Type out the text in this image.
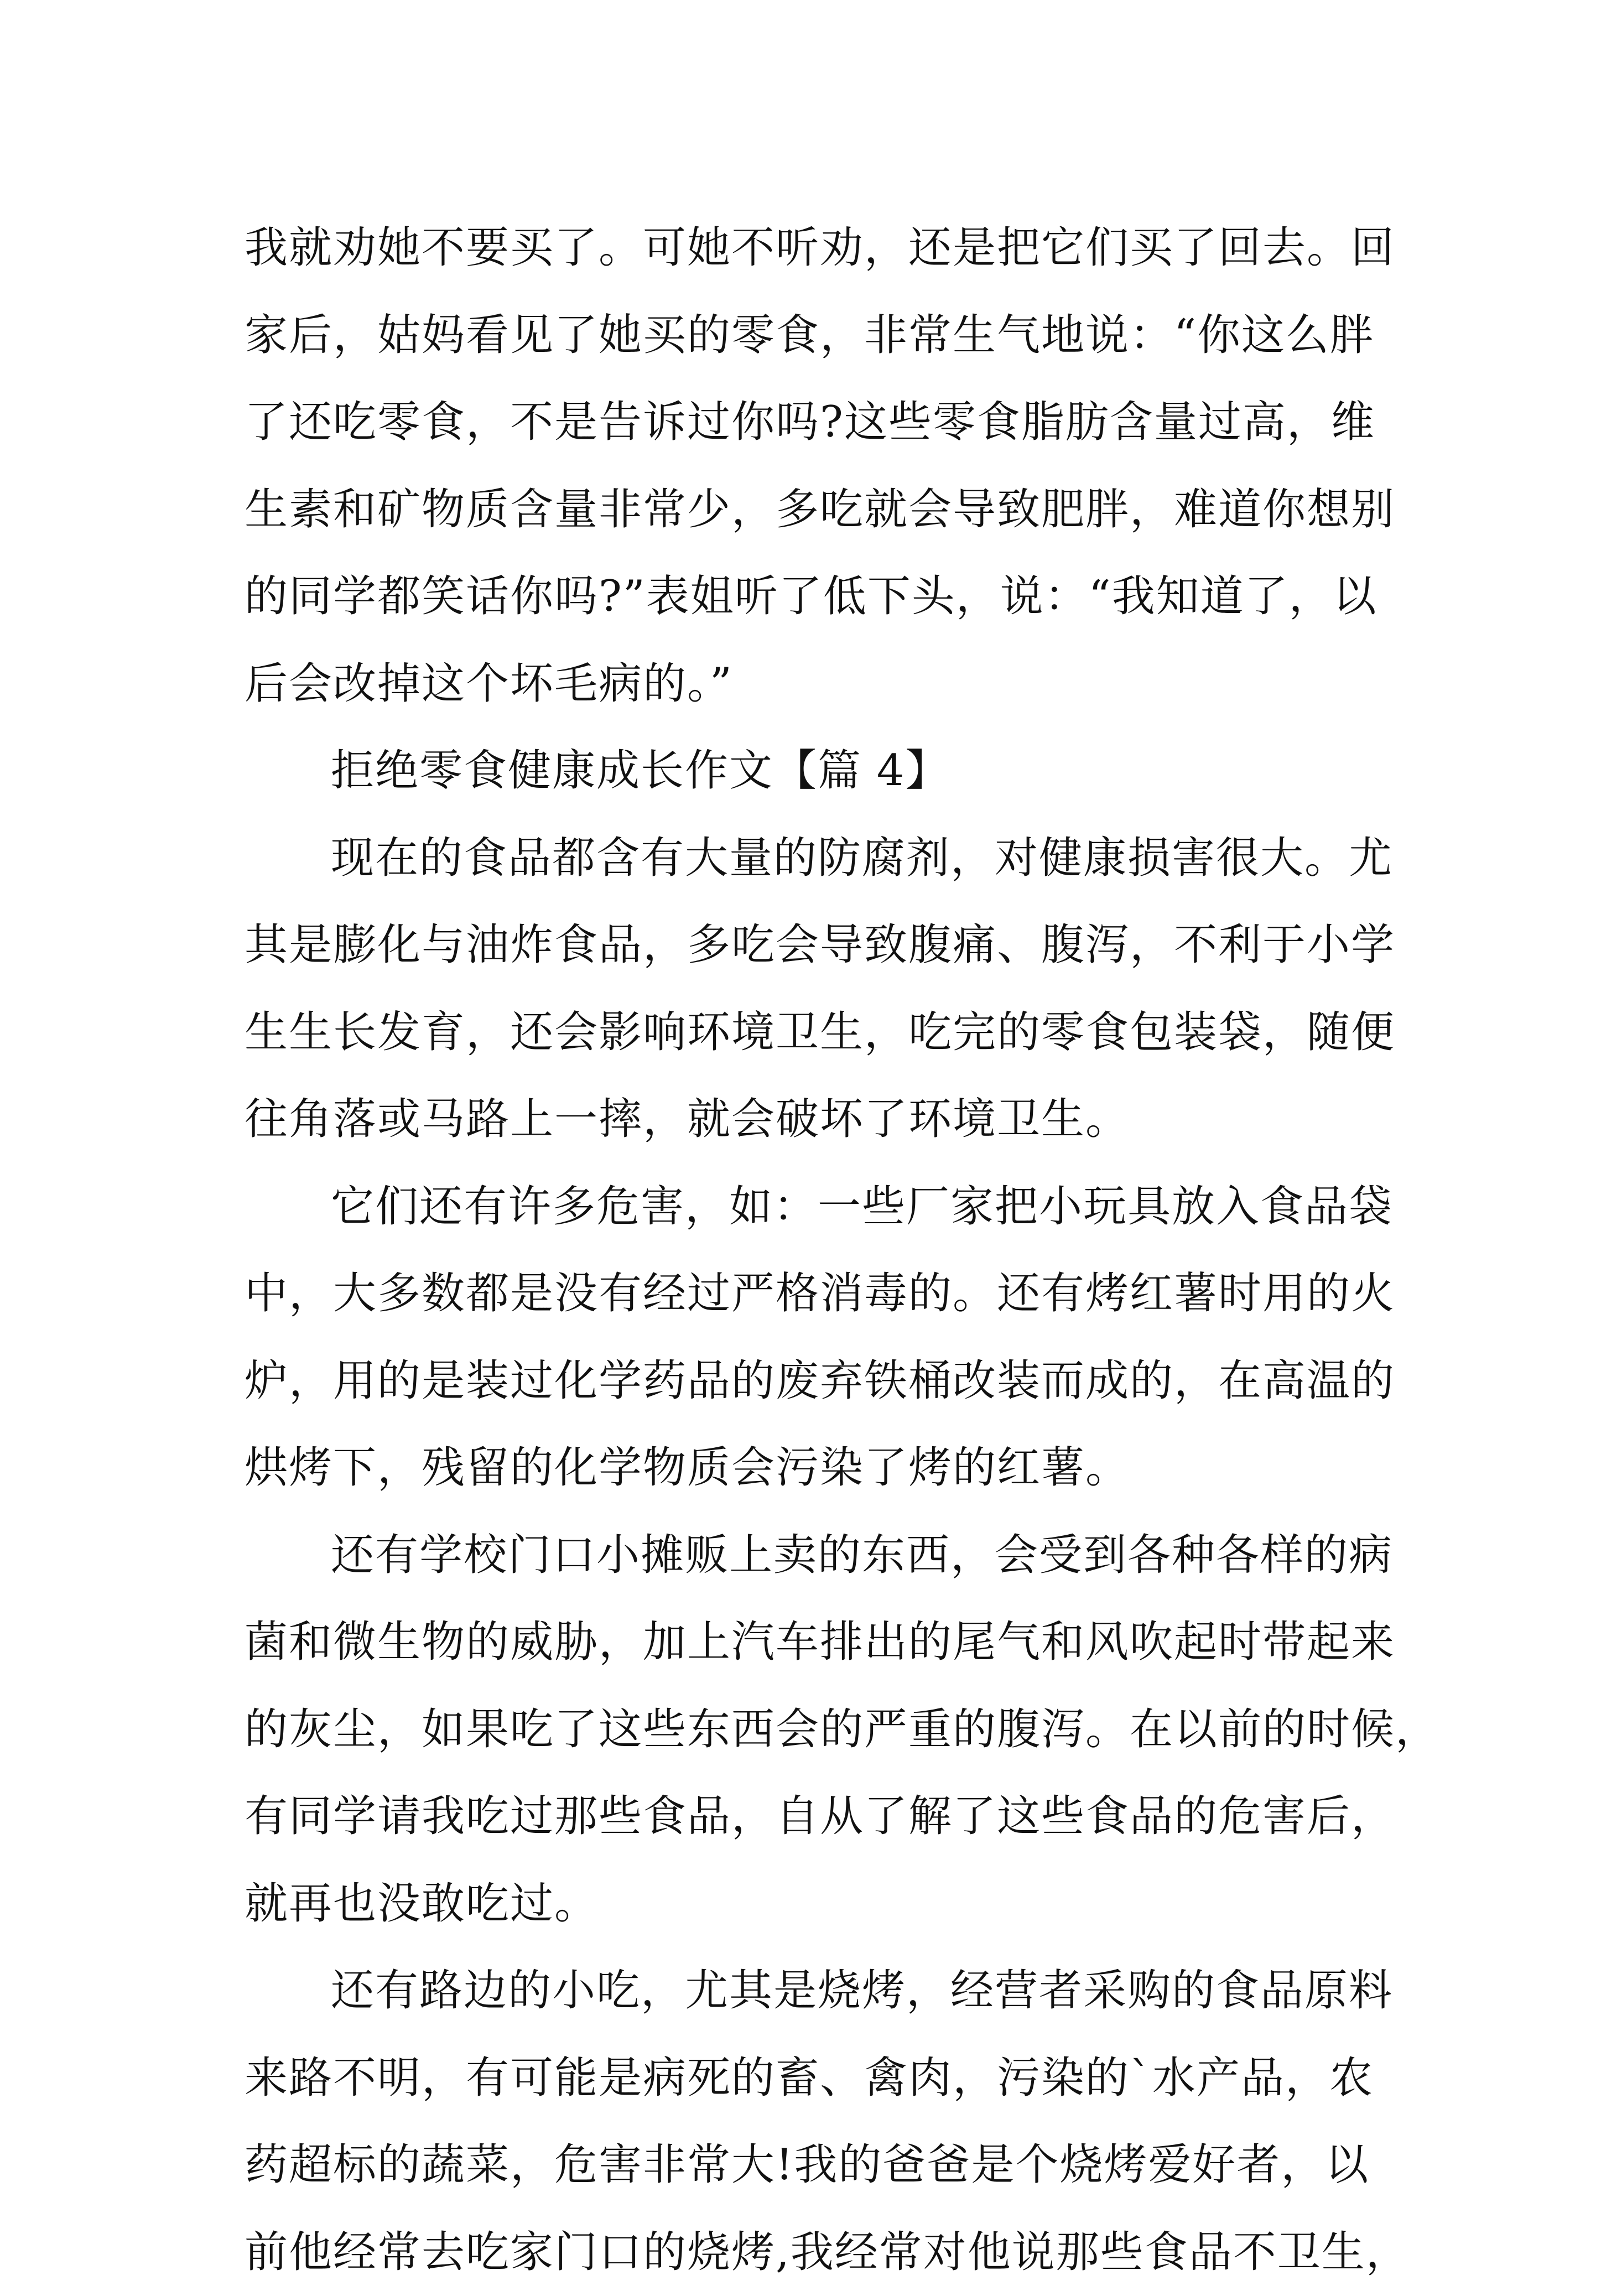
我就劝她不要买了。可她不听劝，还是把它们买了回去。回
家后，姑妈看见了她买的零食，非常生气地说：“你这么胖
了还吃零食，不是告诉过你吗?这些零食脂肪含量过高，维
生素和矿物质含量非常少，多吃就会导致肥胖，难道你想别
的同学都笑话你吗?”表姐听了低下头，说：“我知道了，以
后会改掉这个坏毛病的。”
拒绝零食健康成长作文【篇 4】
现在的食品都含有大量的防腐剂，对健康损害很大。尤
其是膨化与油炸食品，多吃会导致腹痛、腹泻，不利于小学
生生长发育，还会影响环境卫生，吃完的零食包装袋，随便
往角落或马路上一摔，就会破坏了环境卫生。
它们还有许多危害，如：一些厂家把小玩具放入食品袋
中，大多数都是没有经过严格消毒的。还有烤红薯时用的火
炉，用的是装过化学药品的废弃铁桶改装而成的，在高温的
烘烤下，残留的化学物质会污染了烤的红薯。
还有学校门口小摊贩上卖的东西，会受到各种各样的病
菌和微生物的威胁，加上汽车排出的尾气和风吹起时带起来
的灰尘，如果吃了这些东西会的严重的腹泻。在以前的时候，
有同学请我吃过那些食品，自从了解了这些食品的危害后，
就再也没敢吃过。
还有路边的小吃，尤其是烧烤，经营者采购的食品原料
来路不明，有可能是病死的畜、禽肉，污染的`水产品，农
药超标的蔬菜，危害非常大!我的爸爸是个烧烤爱好者，以
前他经常去吃家门口的烧烤,我经常对他说那些食品不卫生，
